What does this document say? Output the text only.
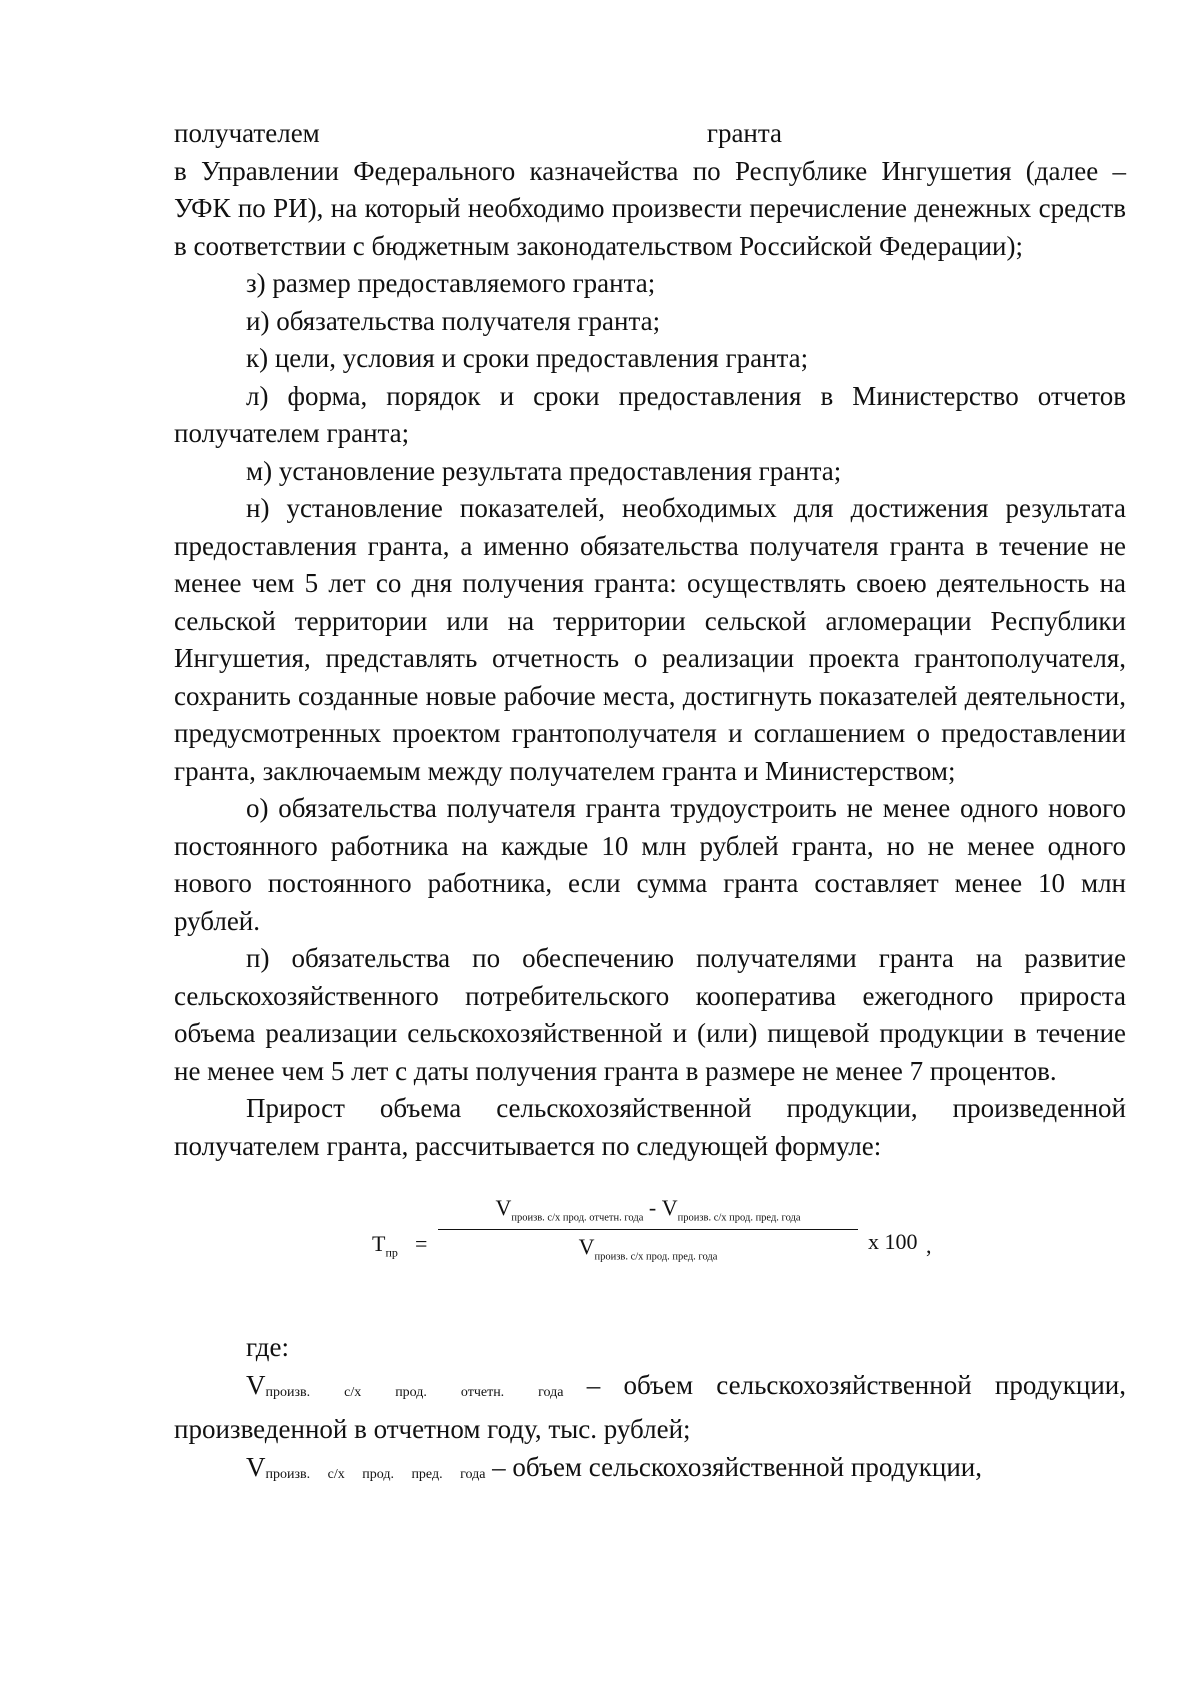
получателем	гранта

в Управлении Федерального казначейства по Республике Ингушетия (далее – УФК по РИ), на который необходимо произвести перечисление денежных средств в соответствии с бюджетным законодательством Российской Федерации);

з) размер предоставляемого гранта;

и) обязательства получателя гранта;

к) цели, условия и сроки предоставления гранта;

л) форма, порядок и сроки предоставления в Министерство отчетов получателем гранта;

м) установление результата предоставления гранта;

н) установление показателей, необходимых для достижения результата предоставления гранта, а именно обязательства получателя гранта в течение не менее чем 5 лет со дня получения гранта: осуществлять своею деятельность на сельской территории или на территории сельской агломерации Республики Ингушетия, представлять отчетность о реализации проекта грантополучателя, сохранить созданные новые рабочие места, достигнуть показателей деятельности, предусмотренных проектом грантополучателя и соглашением о предоставлении гранта, заключаемым между получателем гранта и Министерством;

о) обязательства получателя гранта трудоустроить не менее одного нового постоянного работника на каждые 10 млн рублей гранта, но не менее одного нового постоянного работника, если сумма гранта составляет менее 10 млн рублей.

п) обязательства по обеспечению получателями гранта на развитие сельскохозяйственного потребительского кооператива ежегодного прироста объема реализации сельскохозяйственной и (или) пищевой продукции в течение не менее чем 5 лет с даты получения гранта в размере не менее 7 процентов.

Прирост объема сельскохозяйственной продукции, произведенной получателем гранта, рассчитывается по следующей формуле:

$T_{пр}$ =
$V_{произв. с/х прод. отчетн. года} - V_{произв. с/х прод. пред. года}$
$V_{произв. с/х прод. пред. года}$
x 100 ,

где:

Vпроизв. с/х прод. отчетн. года – объем сельскохозяйственной продукции, произведенной в отчетном году, тыс. рублей;

Vпроизв. с/х прод. пред. года – объем сельскохозяйственной продукции,
